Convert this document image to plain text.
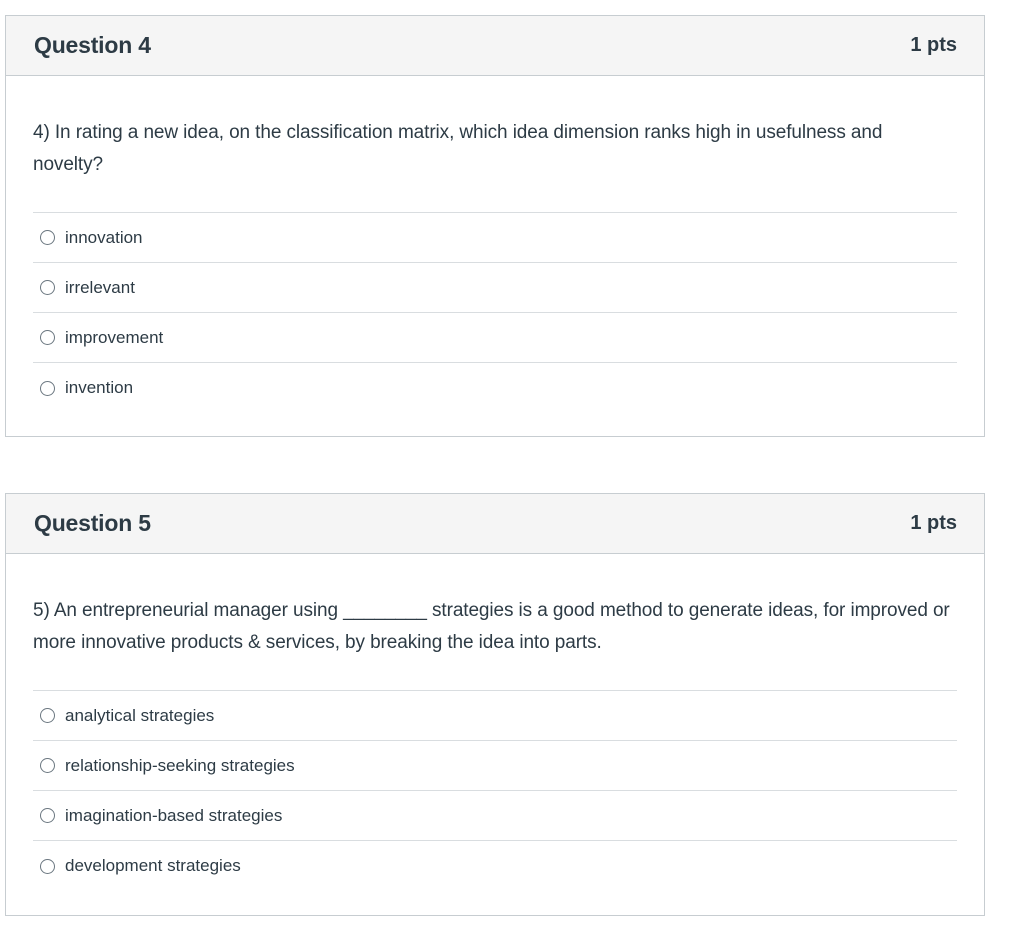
Question 4	1 pts

4) In rating a new idea, on the classification matrix, which idea dimension ranks high in usefulness and novelty?

innovation
irrelevant
improvement
invention
Question 5	1 pts

5) An entrepreneurial manager using ________ strategies is a good method to generate ideas, for improved or more innovative products & services, by breaking the idea into parts.

analytical strategies
relationship-seeking strategies
imagination-based strategies
development strategies
